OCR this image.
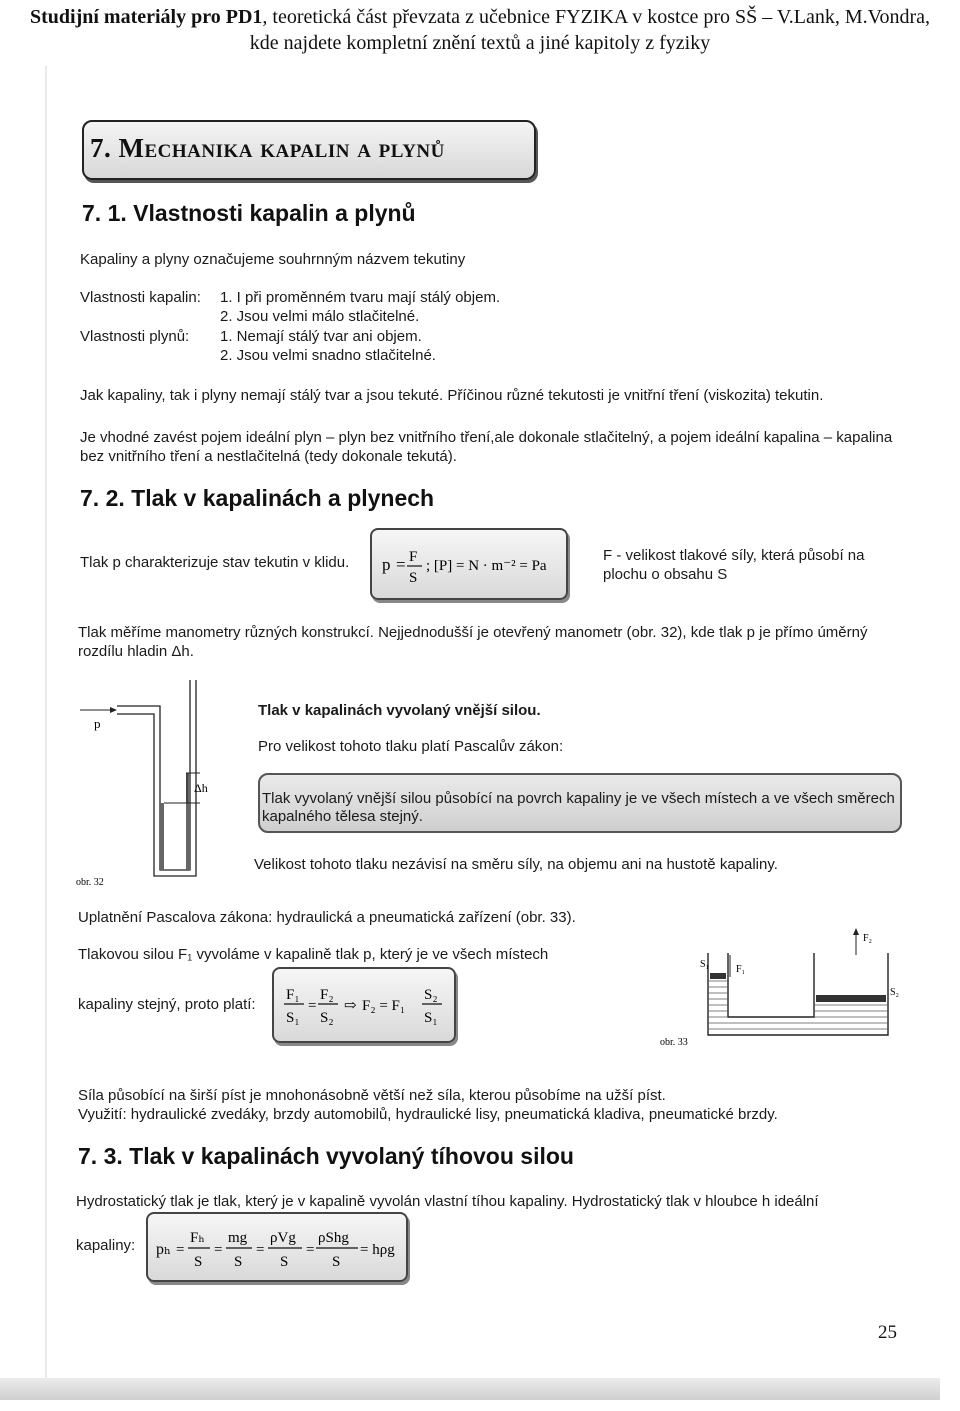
Studijní materiály pro PD1, teoretická část převzata z učebnice FYZIKA v kostce pro SŠ – V.Lank, M.Vondra,
kde najdete kompletní znění textů a jiné kapitoly z fyziky
7. Mechanika kapalin a plynů
7. 1. Vlastnosti kapalin a plynů
Kapaliny a plyny označujeme souhrnným názvem tekutiny
Vlastnosti kapalin: 1. I při proměnném tvaru mají stálý objem.
2. Jsou velmi málo stlačitelné.
Vlastnosti plynů: 1. Nemají stálý tvar ani objem.
2. Jsou velmi snadno stlačitelné.
Jak kapaliny, tak i plyny nemají stálý tvar a jsou tekuté. Příčinou různé tekutosti je vnitřní tření (viskozita) tekutin.
Je vhodné zavést pojem ideální plyn – plyn bez vnitřního tření,ale dokonale stlačitelný, a pojem ideální kapalina – kapalina
bez vnitřního tření a nestlačitelná (tedy dokonale tekutá).
7. 2. Tlak v kapalinách a plynech
Tlak p charakterizuje stav tekutin v klidu. p = F
S
; [P] = N · m⁻² = Pa
F - velikost tlakové síly, která působí na
plochu o obsahu S
Tlak měříme manometry různých konstrukcí. Nejjednodušší je otevřený manometr (obr. 32), kde tlak p je přímo úměrný
rozdílu hladin Δh.
p
Δh
obr. 32
Tlak v kapalinách vyvolaný vnější silou.
Pro velikost tohoto tlaku platí Pascalův zákon:
Tlak vyvolaný vnější silou působící na povrch kapaliny je ve všech místech a ve všech směrech
kapalného tělesa stejný.
Velikost tohoto tlaku nezávisí na směru síly, na objemu ani na hustotě kapaliny.
Uplatnění Pascalova zákona: hydraulická a pneumatická zařízení (obr. 33).
Tlakovou silou F₁ vyvoláme v kapalině tlak p, který je ve všech místech
kapaliny stejný, proto platí:
F₁
S₁
=
F₂
S₂
⇨ F₂ = F₁
S₂
S₁
F₂
S₁	F₁
S₂
obr. 33
Síla působící na širší píst je mnohonásobně větší než síla, kterou působíme na užší píst.
Využití: hydraulické zvedáky, brzdy automobilů, hydraulické lisy, pneumatická kladiva, pneumatické brzdy.
7. 3. Tlak v kapalinách vyvolaný tíhovou silou
Hydrostatický tlak je tlak, který je v kapalině vyvolán vlastní tíhou kapaliny. Hydrostatický tlak v hloubce h ideální
kapaliny: pₕ =
Fₕ
S
=
mg
S
=
ρVg
S
=
ρShg
S
= hρg
25
